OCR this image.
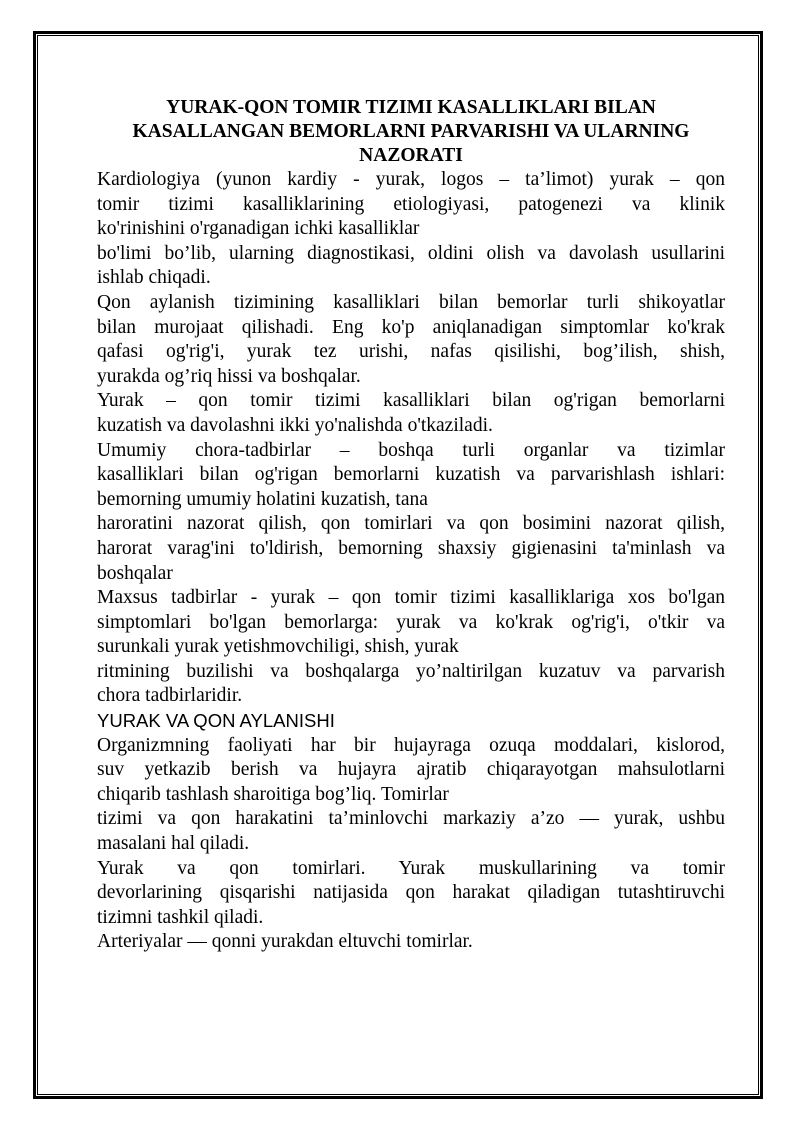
YURAK-QON TOMIR TIZIMI KASALLIKLARI BILAN
KASALLANGAN BEMORLARNI PARVARISHI VA ULARNING
NAZORATI

Kardiologiya (yunon kardiy - yurak, logos – ta’limot) yurak – qon
tomir tizimi kasalliklarining etiologiyasi, patogenezi va klinik
ko'rinishini o'rganadigan ichki kasalliklar
bo'limi bo’lib, ularning diagnostikasi, oldini olish va davolash usullarini
ishlab chiqadi.

Qon aylanish tizimining kasalliklari bilan bemorlar turli shikoyatlar
bilan murojaat qilishadi. Eng ko'p aniqlanadigan simptomlar ko'krak
qafasi og'rig'i, yurak tez urishi, nafas qisilishi, bog’ilish, shish,
yurakda og’riq hissi va boshqalar.

Yurak – qon tomir tizimi kasalliklari bilan og'rigan bemorlarni
kuzatish va davolashni ikki yo'nalishda o'tkaziladi.

Umumiy chora-tadbirlar – boshqa turli organlar va tizimlar
kasalliklari bilan og'rigan bemorlarni kuzatish va parvarishlash ishlari:
bemorning umumiy holatini kuzatish, tana
haroratini nazorat qilish, qon tomirlari va qon bosimini nazorat qilish,
harorat varag'ini to'ldirish, bemorning shaxsiy gigienasini ta'minlash va
boshqalar

Maxsus tadbirlar - yurak – qon tomir tizimi kasalliklariga xos bo'lgan
simptomlari bo'lgan bemorlarga: yurak va ko'krak og'rig'i, o'tkir va
surunkali yurak yetishmovchiligi, shish, yurak
ritmining buzilishi va boshqalarga yo’naltirilgan kuzatuv va parvarish
chora tadbirlaridir.

YURAK VA QON AYLANISHI

Organizmning faoliyati har bir hujayraga ozuqa moddalari, kislorod,
suv yetkazib berish va hujayra ajratib chiqarayotgan mahsulotlarni
chiqarib tashlash sharoitiga bog’liq. Tomirlar
tizimi va qon harakatini ta’minlovchi markaziy a’zo — yurak, ushbu
masalani hal qiladi.

Yurak va qon tomirlari. Yurak muskullarining va tomir
devorlarining qisqarishi natijasida qon harakat qiladigan tutashtiruvchi
tizimni tashkil qiladi.

Arteriyalar — qonni yurakdan eltuvchi tomirlar.
